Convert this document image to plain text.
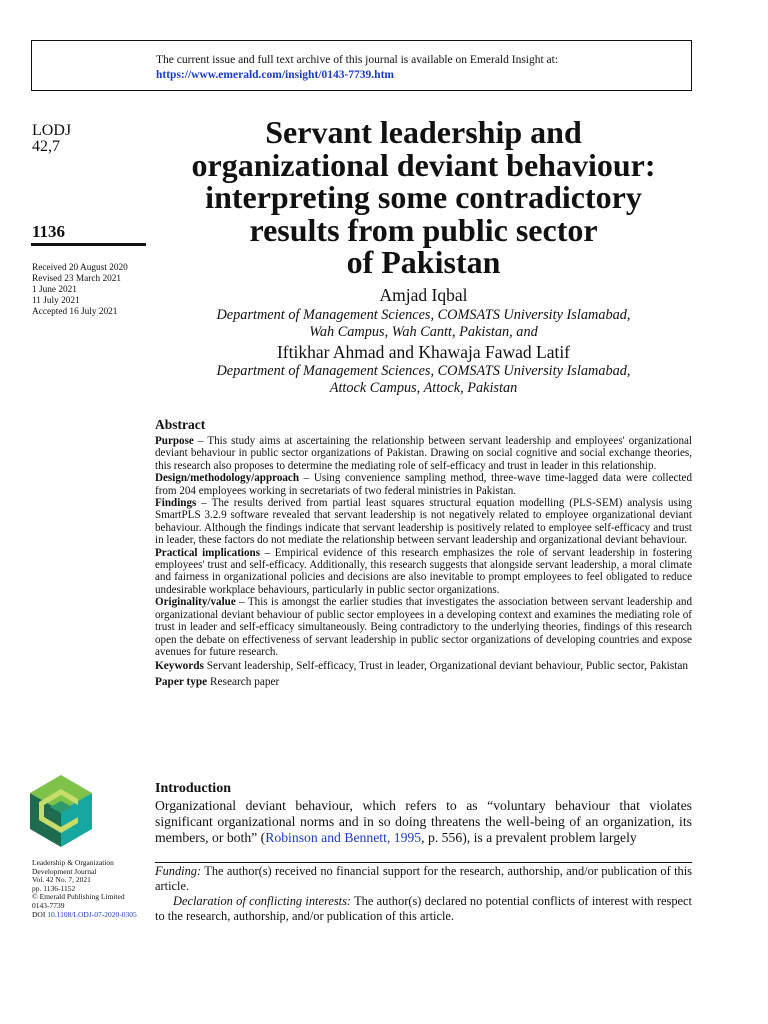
The current issue and full text archive of this journal is available on Emerald Insight at:
https://www.emerald.com/insight/0143-7739.htm
LODJ
42,7
1136
Received 20 August 2020
Revised 23 March 2021
1 June 2021
11 July 2021
Accepted 16 July 2021
Leadership & Organization
Development Journal
Vol. 42 No. 7, 2021
pp. 1136-1152
© Emerald Publishing Limited
0143-7739
DOI 10.1108/LODJ-07-2020-0305
Servant leadership and
organizational deviant behaviour:
interpreting some contradictory
results from public sector
of Pakistan
Amjad Iqbal
Department of Management Sciences, COMSATS University Islamabad,
Wah Campus, Wah Cantt, Pakistan, and
Iftikhar Ahmad and Khawaja Fawad Latif
Department of Management Sciences, COMSATS University Islamabad,
Attock Campus, Attock, Pakistan
Abstract

Purpose – This study aims at ascertaining the relationship between servant leadership and employees' organizational deviant behaviour in public sector organizations of Pakistan. Drawing on social cognitive and social exchange theories, this research also proposes to determine the mediating role of self-efficacy and trust in leader in this relationship.

Design/methodology/approach – Using convenience sampling method, three-wave time-lagged data were collected from 204 employees working in secretariats of two federal ministries in Pakistan.

Findings – The results derived from partial least squares structural equation modelling (PLS-SEM) analysis using SmartPLS 3.2.9 software revealed that servant leadership is not negatively related to employee organizational deviant behaviour. Although the findings indicate that servant leadership is positively related to employee self-efficacy and trust in leader, these factors do not mediate the relationship between servant leadership and organizational deviant behaviour.

Practical implications – Empirical evidence of this research emphasizes the role of servant leadership in fostering employees' trust and self-efficacy. Additionally, this research suggests that alongside servant leadership, a moral climate and fairness in organizational policies and decisions are also inevitable to prompt employees to feel obligated to reduce undesirable workplace behaviours, particularly in public sector organizations.

Originality/value – This is amongst the earlier studies that investigates the association between servant leadership and organizational deviant behaviour of public sector employees in a developing context and examines the mediating role of trust in leader and self-efficacy simultaneously. Being contradictory to the underlying theories, findings of this research open the debate on effectiveness of servant leadership in public sector organizations of developing countries and expose avenues for future research.

Keywords Servant leadership, Self-efficacy, Trust in leader, Organizational deviant behaviour, Public sector, Pakistan

Paper type Research paper

Introduction

Organizational deviant behaviour, which refers to as “voluntary behaviour that violates significant organizational norms and in so doing threatens the well-being of an organization, its members, or both” (Robinson and Bennett, 1995, p. 556), is a prevalent problem largely

Funding: The author(s) received no financial support for the research, authorship, and/or publication of this article.

Declaration of conflicting interests: The author(s) declared no potential conflicts of interest with respect to the research, authorship, and/or publication of this article.
